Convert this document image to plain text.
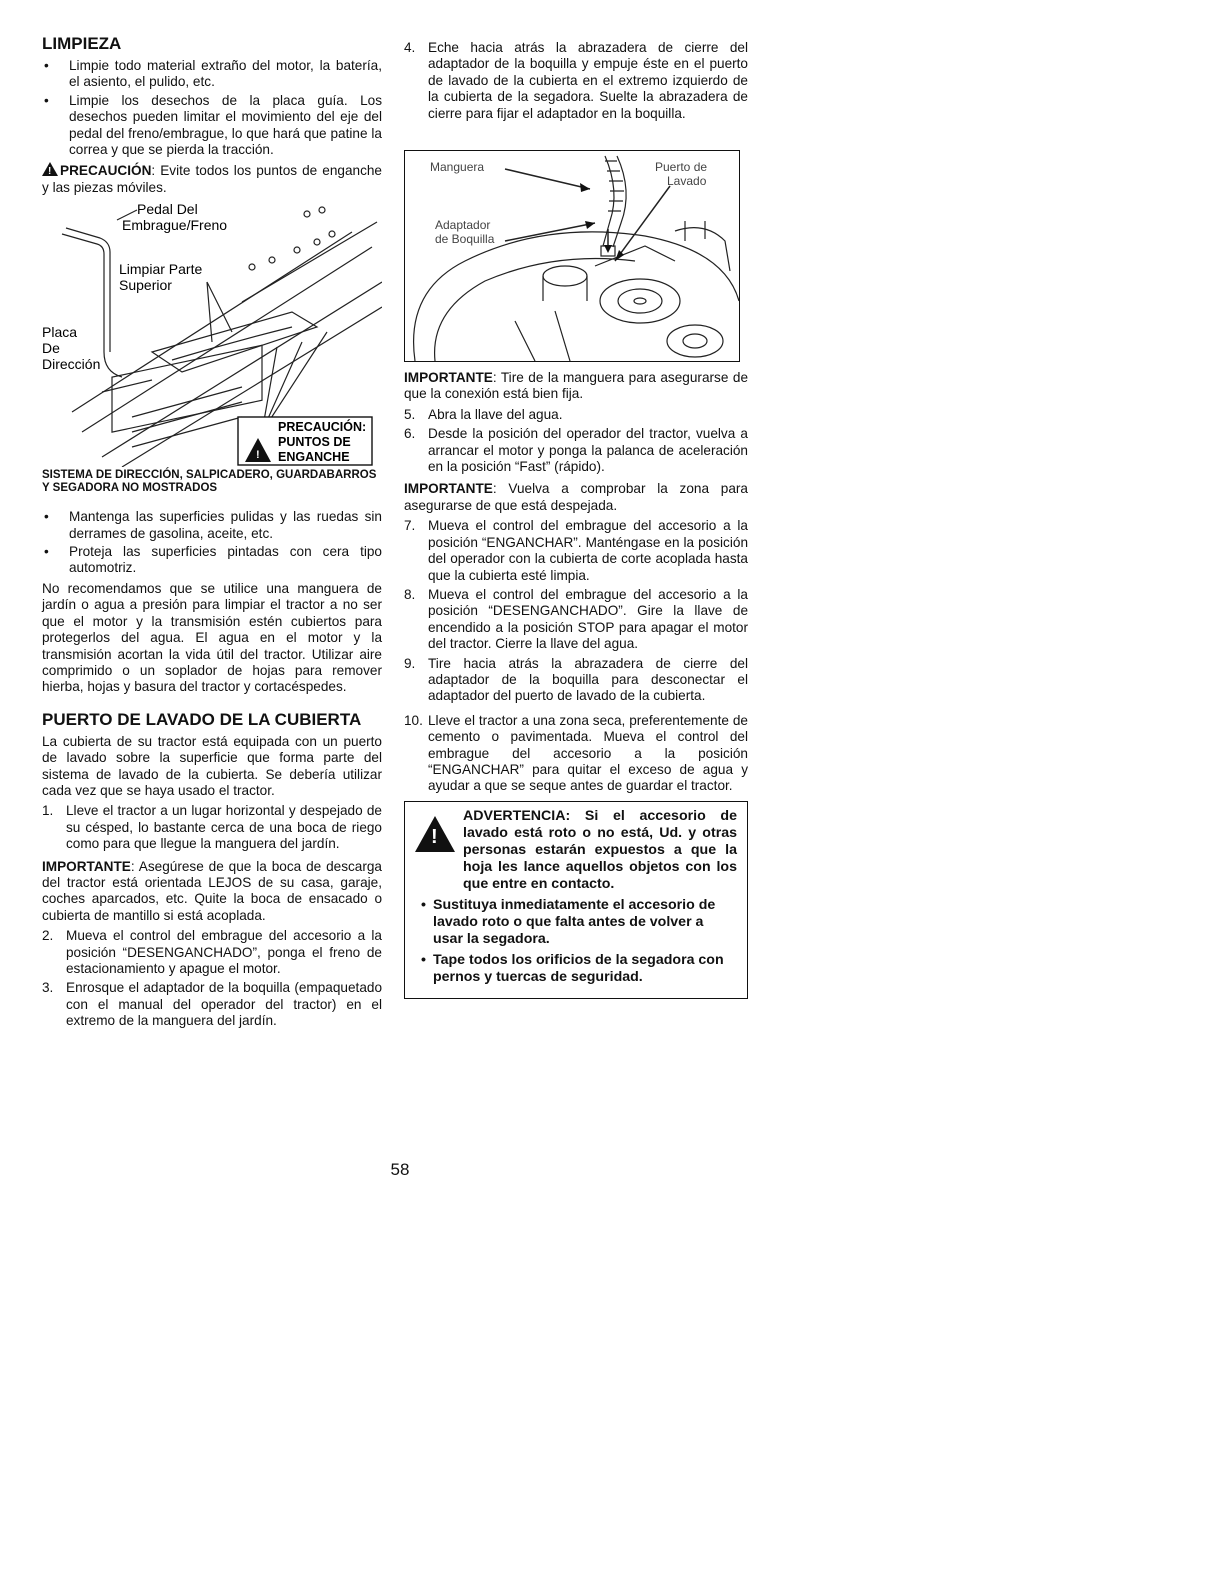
LIMPIEZA
• Limpie todo material extraño del motor, la batería, el asiento, el pulido, etc.
• Limpie los desechos de la placa guía. Los desechos pueden limitar el movimiento del eje del pedal del freno/embrague, lo que hará que patine la correa y que se pierda la tracción.

!PRECAUCIÓN: Evite todos los puntos de enganche y las piezas móviles.

Pedal Del
Embrague/Freno
Limpiar Parte
Superior
Placa
De
Dirección
!
PRECAUCIÓN:
PUNTOS DE
ENGANCHE
SISTEMA DE DIRECCIÓN, SALPICADERO, GUARDABARROS Y SEGADORA NO MOSTRADOS
• Mantenga las superficies pulidas y las ruedas sin derrames de gasolina, aceite, etc.
• Proteja las superficies pintadas con cera tipo automotriz.

No recomendamos que se utilice una manguera de jardín o agua a presión para limpiar el tractor a no ser que el motor y la transmisión estén cubiertos para protegerlos del agua. El agua en el motor y la transmisión acortan la vida útil del tractor. Utilizar aire comprimido o un soplador de hojas para remover hierba, hojas y basura del tractor y cortacéspedes.

PUERTO DE LAVADO DE LA CUBIERTA

La cubierta de su tractor está equipada con un puerto de lavado sobre la superficie que forma parte del sistema de lavado de la cubierta. Se debería utilizar cada vez que se haya usado el tractor.

1. Lleve el tractor a un lugar horizontal y despejado de su césped, lo bastante cerca de una boca de riego como para que llegue la manguera del jardín.

IMPORTANTE: Asegúrese de que la boca de descarga del tractor está orientada LEJOS de su casa, garaje, coches aparcados, etc. Quite la boca de ensacado o cubierta de mantillo si está acoplada.

2. Mueva el control del embrague del accesorio a la posición “DESENGANCHADO”, ponga el freno de estacionamiento y apague el motor.
3. Enrosque el adaptador de la boquilla (empaquetado con el manual del operador del tractor) en el extremo de la manguera del jardín.
4. Eche hacia atrás la abrazadera de cierre del adaptador de la boquilla y empuje éste en el puerto de lavado de la cubierta en el extremo izquierdo de la cubierta de la segadora. Suelte la abrazadera de cierre para fijar el adaptador en la boquilla.
Manguera
Adaptador
de Boquilla
Puerto de
Lavado

IMPORTANTE: Tire de la manguera para asegurarse de que la conexión está bien fija.

5. Abra la llave del agua.
6. Desde la posición del operador del tractor, vuelva a arrancar el motor y ponga la palanca de aceleración en la posición “Fast” (rápido).

IMPORTANTE: Vuelva a comprobar la zona para asegurarse de que está despejada.

7. Mueva el control del embrague del accesorio a la posición “ENGANCHAR”. Manténgase en la posición del operador con la cubierta de corte acoplada hasta que la cubierta esté limpia.
8. Mueva el control del embrague del accesorio a la posición “DESENGANCHADO”. Gire la llave de encendido a la posición STOP para apagar el motor del tractor. Cierre la llave del agua.
9. Tire hacia atrás la abrazadera de cierre del adaptador de la boquilla para desconectar el adaptador del puerto de lavado de la cubierta.
10. Lleve el tractor a una zona seca, preferentemente de cemento o pavimentada. Mueva el control del embrague del accesorio a la posición “ENGANCHAR” para quitar el exceso de agua y ayudar a que se seque antes de guardar el tractor.
!
ADVERTENCIA: Si el accesorio de lavado está roto o no está, Ud. y otras personas estarán expuestos a que la hoja les lance aquellos objetos con los que entre en contacto.
• Sustituya inmediatamente el accesorio de lavado roto o que falta antes de volver a usar la segadora.
• Tape todos los orificios de la segadora con pernos y tuercas de seguridad.
58
